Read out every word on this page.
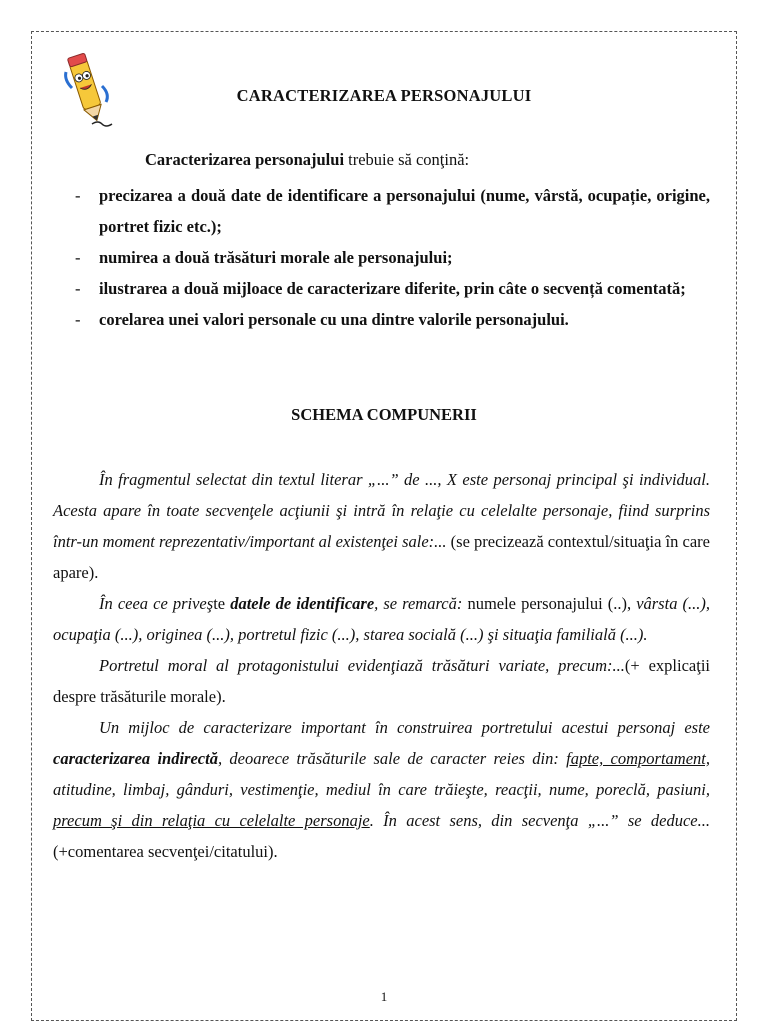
CARACTERIZAREA PERSONAJULUI
Caracterizarea personajului trebuie să conţină:
- precizarea a două date de identificare a personajului (nume, vârstă, ocupație, origine, portret fizic etc.);
- numirea a două trăsături morale ale personajului;
- ilustrarea a două mijloace de caracterizare diferite, prin câte o secvență comentată;
- corelarea unei valori personale cu una dintre valorile personajului.
SCHEMA COMPUNERII

În fragmentul selectat din textul literar „...” de ..., X este personaj principal şi individual. Acesta apare în toate secvenţele acţiunii şi intră în relaţie cu celelalte personaje, fiind surprins într-un moment reprezentativ/important al existenţei sale:... (se precizează contextul/situaţia în care apare).

În ceea ce priveşte datele de identificare, se remarcă: numele personajului (..), vârsta (...), ocupaţia (...), originea (...), portretul fizic (...), starea socială (...) şi situaţia familială (...).

Portretul moral al protagonistului evidenţiază trăsături variate, precum:...(+ explicaţii despre trăsăturile morale).

Un mijloc de caracterizare important în construirea portretului acestui personaj este caracterizarea indirectă, deoarece trăsăturile sale de caracter reies din: fapte, comportament, atitudine, limbaj, gânduri, vestimenţie, mediul în care trăieşte, reacţii, nume, poreclă, pasiuni, precum şi din relaţia cu celelalte personaje. În acest sens, din secvenţa „...” se deduce...(+comentarea secvenţei/citatului).

1
